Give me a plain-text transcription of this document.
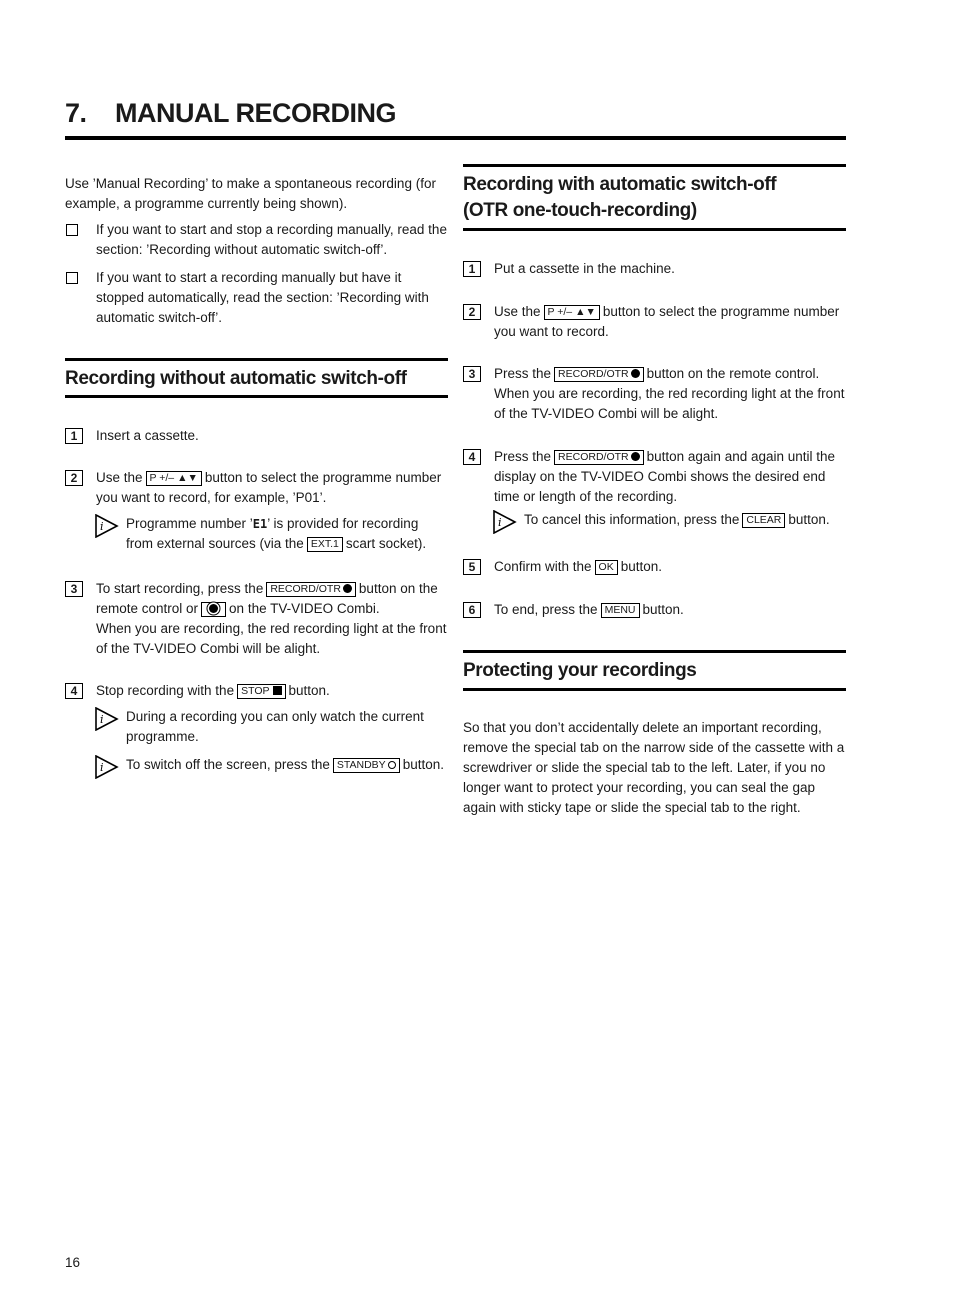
7. MANUAL RECORDING
Use ’Manual Recording’ to make a spontaneous recording (for example, a programme currently being shown).
If you want to start and stop a recording manually, read the section: ’Recording without automatic switch-off’.
If you want to start a recording manually but have it stopped automatically, read the section: ’Recording with automatic switch-off’.
Recording without automatic switch-off
1	Insert a cassette.
2	Use the P +/– ▲▼ button to select the programme number you want to record, for example, ’P01’.
i Programme number ’E1’ is provided for recording from external sources (via the EXT.1 scart socket).
3	To start recording, press the RECORD/OTR button on the remote control or on the TV-VIDEO Combi.
When you are recording, the red recording light at the front of the TV-VIDEO Combi will be alight.
4	Stop recording with the STOP button.
i During a recording you can only watch the current programme.
i To switch off the screen, press the STANDBY button.
Recording with automatic switch-off
(OTR one-touch-recording)
1	Put a cassette in the machine.
2	Use the P +/– ▲▼ button to select the programme number you want to record.
3	Press the RECORD/OTR button on the remote control.
When you are recording, the red recording light at the front of the TV-VIDEO Combi will be alight.
4	Press the RECORD/OTR button again and again until the display on the TV-VIDEO Combi shows the desired end time or length of the recording.
i To cancel this information, press the CLEAR button.
5	Confirm with the OK button.
6	To end, press the MENU button.
Protecting your recordings
So that you don’t accidentally delete an important recording, remove the special tab on the narrow side of the cassette with a screwdriver or slide the special tab to the left. Later, if you no longer want to protect your recording, you can seal the gap again with sticky tape or slide the special tab to the right.
16
